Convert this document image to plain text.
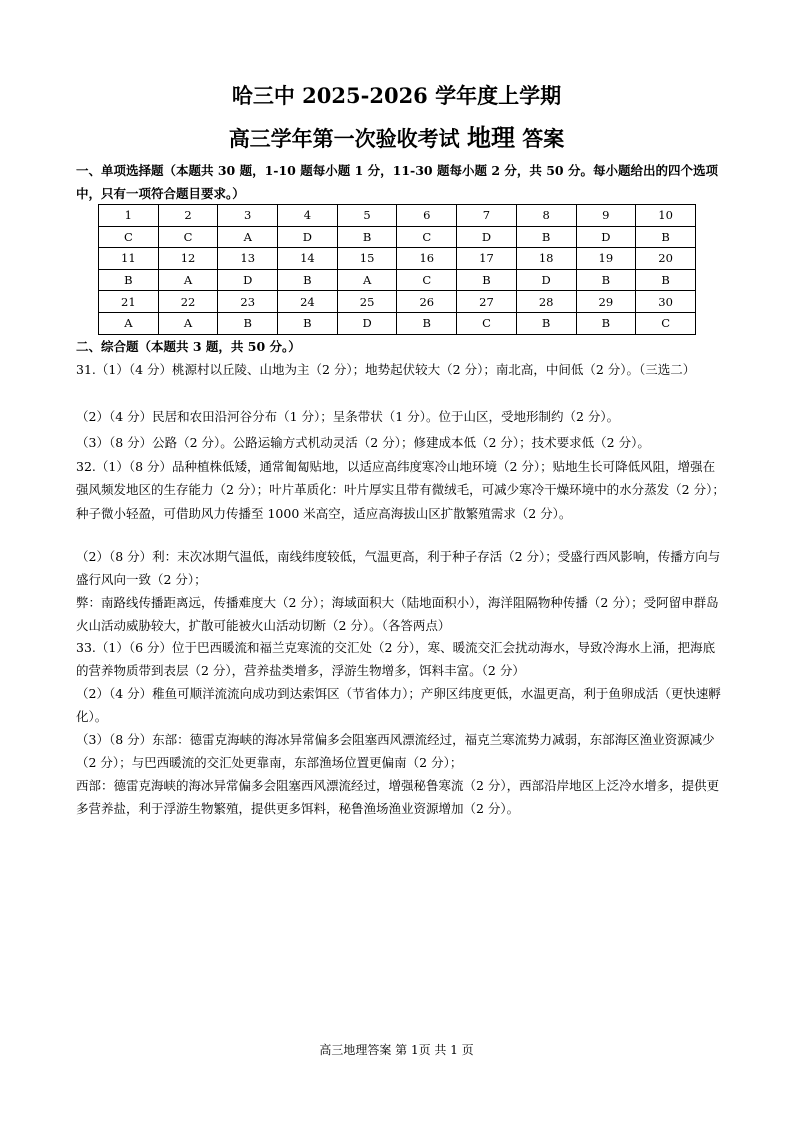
哈三中 2025-2026 学年度上学期
高三学年第一次验收考试 地理 答案

一、单项选择题（本题共 30 题，1-10 题每小题 1 分，11-30 题每小题 2 分，共 50 分。每小题给出的四个选项中，只有一项符合题目要求。）

1	2	3	4	5	6	7	8	9	10
C	C	A	D	B	C	D	B	D	B
11	12	13	14	15	16	17	18	19	20
B	A	D	B	A	C	B	D	B	B
21	22	23	24	25	26	27	28	29	30
A	A	B	B	D	B	C	B	B	C

二、综合题（本题共 3 题，共 50 分。）

31.（1）（4 分）桃源村以丘陵、山地为主（2 分）；地势起伏较大（2 分）；南北高，中间低（2 分）。（三选二）

（2）（4 分）民居和农田沿河谷分布（1 分）；呈条带状（1 分）。位于山区，受地形制约（2 分）。

（3）（8 分）公路（2 分）。公路运输方式机动灵活（2 分）；修建成本低（2 分）；技术要求低（2 分）。

32.（1）（8 分）品种植株低矮，通常匍匐贴地，以适应高纬度寒冷山地环境（2 分）；贴地生长可降低风阻，增强在强风频发地区的生存能力（2 分）；叶片革质化：叶片厚实且带有微绒毛，可减少寒冷干燥环境中的水分蒸发（2 分）；种子微小轻盈，可借助风力传播至 1000 米高空，适应高海拔山区扩散繁殖需求（2 分）。

（2）（8 分）利：末次冰期气温低，南线纬度较低，气温更高，利于种子存活（2 分）；受盛行西风影响，传播方向与盛行风向一致（2 分）；

弊：南路线传播距离远，传播难度大（2 分）；海域面积大（陆地面积小），海洋阻隔物种传播（2 分）；受阿留申群岛火山活动威胁较大，扩散可能被火山活动切断（2 分）。（各答两点）

33.（1）（6 分）位于巴西暖流和福兰克寒流的交汇处（2 分），寒、暖流交汇会扰动海水，导致冷海水上涌，把海底的营养物质带到表层（2 分），营养盐类增多，浮游生物增多，饵料丰富。（2 分）

（2）（4 分）稚鱼可顺洋流流向成功到达索饵区（节省体力）；产卵区纬度更低，水温更高，利于鱼卵成活（更快速孵化）。

（3）（8 分）东部：德雷克海峡的海冰异常偏多会阻塞西风漂流经过，福克兰寒流势力减弱，东部海区渔业资源减少（2 分）；与巴西暖流的交汇处更靠南，东部渔场位置更偏南（2 分）；

西部：德雷克海峡的海冰异常偏多会阻塞西风漂流经过，增强秘鲁寒流（2 分），西部沿岸地区上泛冷水增多，提供更多营养盐，利于浮游生物繁殖，提供更多饵料，秘鲁渔场渔业资源增加（2 分）。

高三地理答案 第 1页 共 1 页
